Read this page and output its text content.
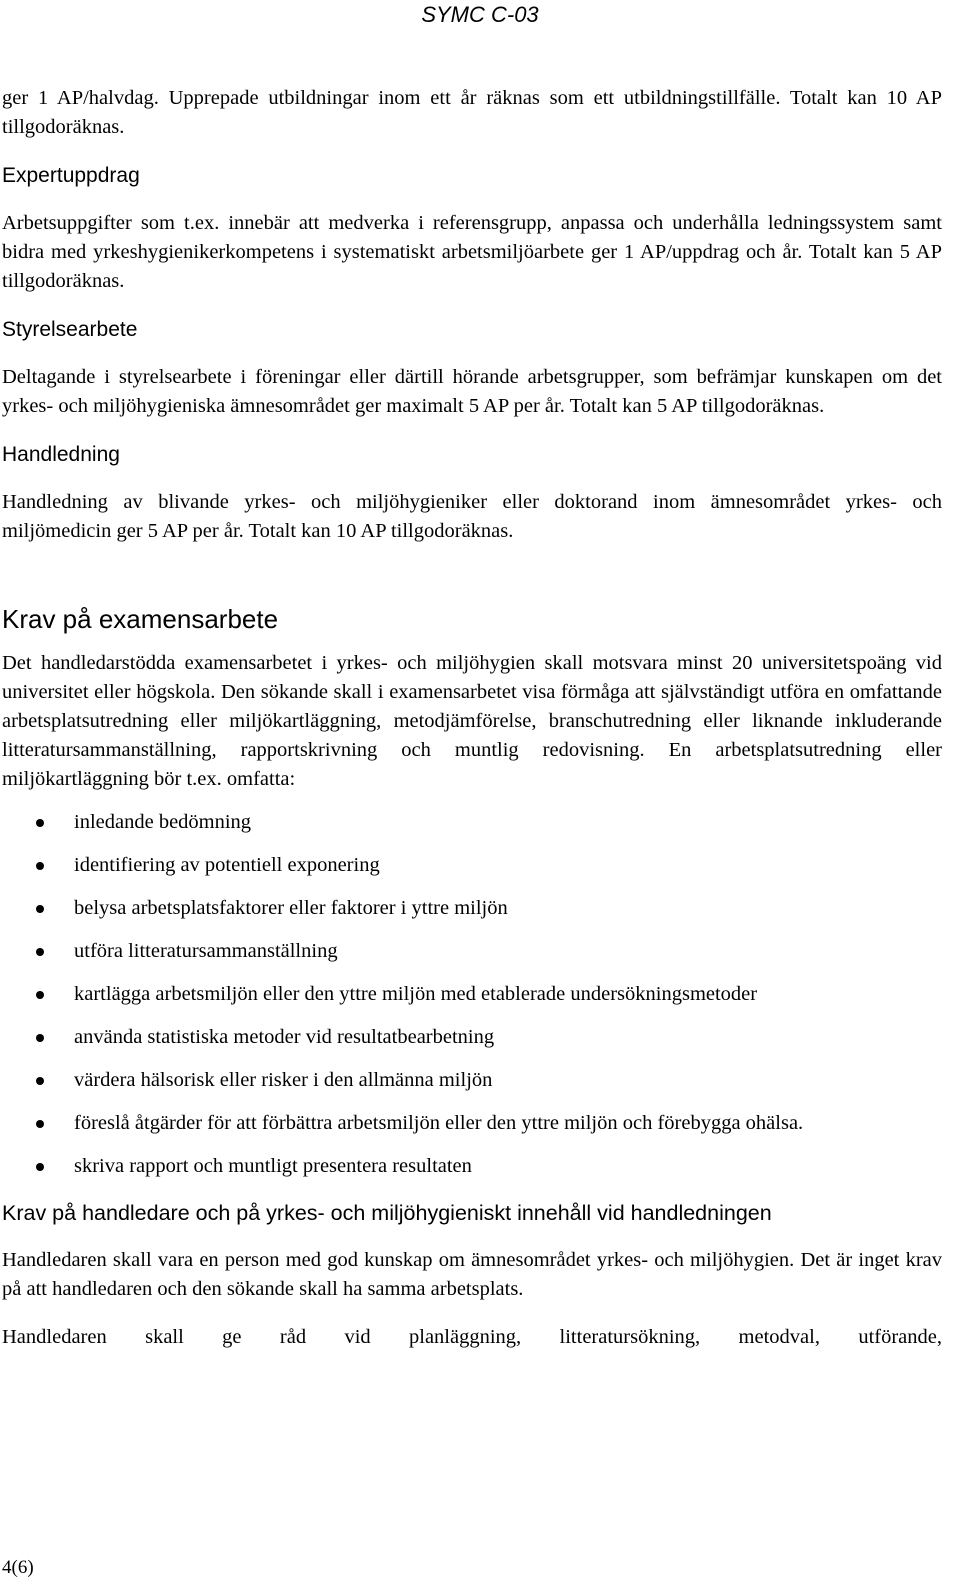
SYMC C-03

ger 1 AP/halvdag. Upprepade utbildningar inom ett år räknas som ett utbildningstillfälle. Totalt kan 10 AP tillgodoräknas.

Expertuppdrag

Arbetsuppgifter som t.ex. innebär att medverka i referensgrupp, anpassa och underhålla ledningssystem samt bidra med yrkeshygienikerkompetens i systematiskt arbetsmiljöarbete ger 1 AP/uppdrag och år. Totalt kan 5 AP tillgodoräknas.

Styrelsearbete

Deltagande i styrelsearbete i föreningar eller därtill hörande arbetsgrupper, som befrämjar kunskapen om det yrkes- och miljöhygieniska ämnesområdet ger maximalt 5 AP per år. Totalt kan 5 AP tillgodoräknas.

Handledning

Handledning av blivande yrkes- och miljöhygieniker eller doktorand inom ämnesområdet yrkes- och miljömedicin ger 5 AP per år. Totalt kan 10 AP tillgodoräknas.

Krav på examensarbete

Det handledarstödda examensarbetet i yrkes- och miljöhygien skall motsvara minst 20 universitetspoäng vid universitet eller högskola. Den sökande skall i examensarbetet visa förmåga att självständigt utföra en omfattande arbetsplatsutredning eller miljökartläggning, metodjämförelse, branschutredning eller liknande inkluderande litteratursammanställning, rapportskrivning och muntlig redovisning. En arbetsplatsutredning eller miljökartläggning bör t.ex. omfatta:

inledande bedömning
identifiering av potentiell exponering
belysa arbetsplatsfaktorer eller faktorer i yttre miljön
utföra litteratursammanställning
kartlägga arbetsmiljön eller den yttre miljön med etablerade undersökningsmetoder
använda statistiska metoder vid resultatbearbetning
värdera hälsorisk eller risker i den allmänna miljön
föreslå åtgärder för att förbättra arbetsmiljön eller den yttre miljön och förebygga ohälsa.
skriva rapport och muntligt presentera resultaten

Krav på handledare och på yrkes- och miljöhygieniskt innehåll vid handledningen

Handledaren skall vara en person med god kunskap om ämnesområdet yrkes- och miljöhygien. Det är inget krav på att handledaren och den sökande skall ha samma arbetsplats.

Handledaren skall ge råd vid planläggning, litteratursökning, metodval, utförande,

4(6)
